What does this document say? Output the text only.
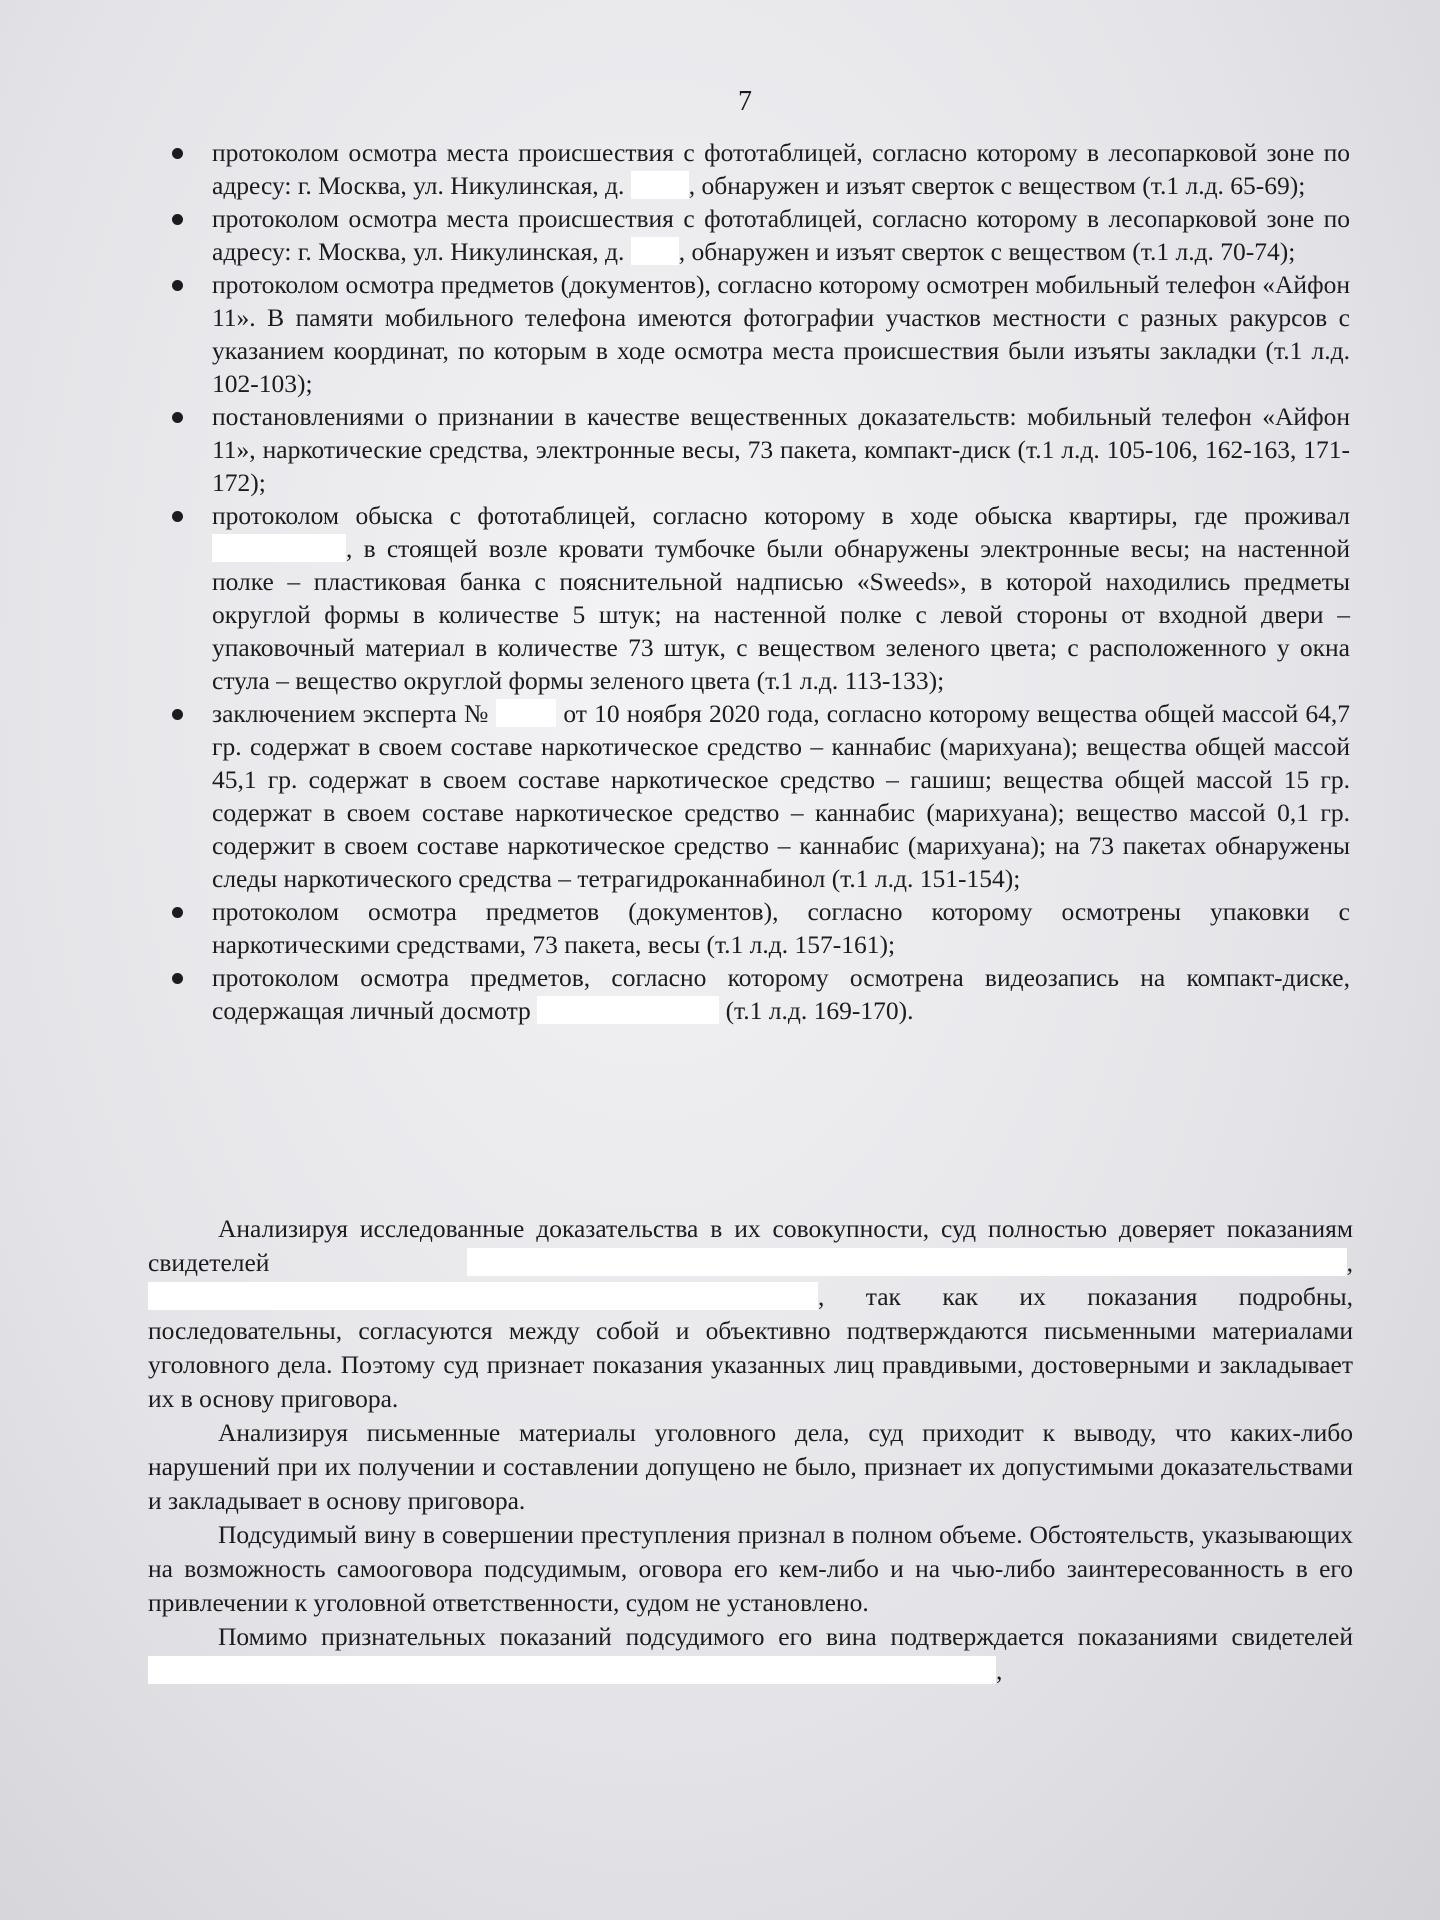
7
протоколом осмотра места происшествия с фототаблицей, согласно которому в лесопарковой зоне по адресу: г. Москва, ул. Никулинская, д.	, обнаружен и изъят сверток с веществом (т.1 л.д. 65-69);
протоколом осмотра места происшествия с фототаблицей, согласно которому в лесопарковой зоне по адресу: г. Москва, ул. Никулинская, д. , обнаружен и изъят сверток с веществом (т.1 л.д. 70-74);
протоколом осмотра предметов (документов), согласно которому осмотрен мобильный телефон «Айфон 11». В памяти мобильного телефона имеются фотографии участков местности с разных ракурсов с указанием координат, по которым в ходе осмотра места происшествия были изъяты закладки (т.1 л.д. 102-103);
постановлениями о признании в качестве вещественных доказательств: мобильный телефон «Айфон 11», наркотические средства, электронные весы, 73 пакета, компакт-диск (т.1 л.д. 105-106, 162-163, 171-172);
протоколом обыска с фототаблицей, согласно которому в ходе обыска квартиры, где проживал , в стоящей возле кровати тумбочке были обнаружены электронные весы; на настенной полке – пластиковая банка с пояснительной надписью «Sweeds», в которой находились предметы округлой формы в количестве 5 штук; на настенной полке с левой стороны от входной двери – упаковочный материал в количестве 73 штук, с веществом зеленого цвета; с расположенного у окна стула – вещество округлой формы зеленого цвета (т.1 л.д. 113-133);
заключением эксперта №	от 10 ноября 2020 года, согласно которому вещества общей массой 64,7 гр. содержат в своем составе наркотическое средство – каннабис (марихуана); вещества общей массой 45,1 гр. содержат в своем составе наркотическое средство – гашиш; вещества общей массой 15 гр. содержат в своем составе наркотическое средство – каннабис (марихуана); вещество массой 0,1 гр. содержит в своем составе наркотическое средство – каннабис (марихуана); на 73 пакетах обнаружены следы наркотического средства – тетрагидроканнабинол (т.1 л.д. 151-154);
протоколом осмотра предметов (документов), согласно которому осмотрены упаковки с наркотическими средствами, 73 пакета, весы (т.1 л.д. 157-161);
протоколом осмотра предметов, согласно которому осмотрена видеозапись на компакт-диске, содержащая личный досмотр	(т.1 л.д. 169-170).

Анализируя исследованные доказательства в их совокупности, суд полностью доверяет показаниям свидетелей	, , так как их показания подробны, последовательны, согласуются между собой и объективно подтверждаются письменными материалами уголовного дела. Поэтому суд признает показания указанных лиц правдивыми, достоверными и закладывает их в основу приговора.

Анализируя письменные материалы уголовного дела, суд приходит к выводу, что каких-либо нарушений при их получении и составлении допущено не было, признает их допустимыми доказательствами и закладывает в основу приговора.

Подсудимый вину в совершении преступления признал в полном объеме. Обстоятельств, указывающих на возможность самооговора подсудимым, оговора его кем-либо и на чью-либо заинтересованность в его привлечении к уголовной ответственности, судом не установлено.

Помимо признательных показаний подсудимого его вина подтверждается показаниями свидетелей ,
